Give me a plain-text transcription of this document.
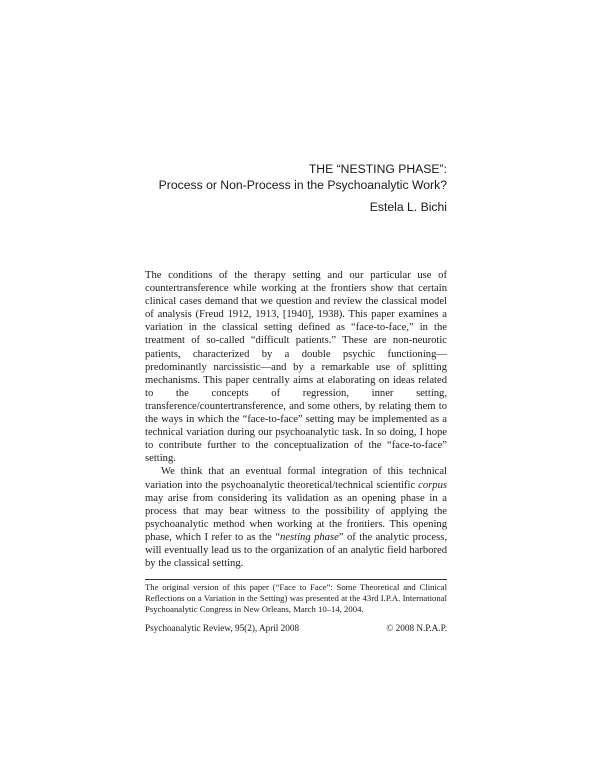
THE “NESTING PHASE”:
Process or Non-Process in the Psychoanalytic Work?
Estela L. Bichi

The conditions of the therapy setting and our particular use of countertransference while working at the frontiers show that certain clinical cases demand that we question and review the classical model of analysis (Freud 1912, 1913, [1940], 1938). This paper examines a variation in the classical setting defined as “face-to-face,” in the treatment of so-called “difficult patients.” These are non-neurotic patients, characterized by a double psychic functioning—predominantly narcissistic—and by a remarkable use of splitting mechanisms. This paper centrally aims at elaborating on ideas related to the concepts of regression, inner setting, transference/countertransference, and some others, by relating them to the ways in which the “face-to-face” setting may be implemented as a technical variation during our psychoanalytic task. In so doing, I hope to contribute further to the conceptualization of the “face-to-face” setting.

We think that an eventual formal integration of this technical variation into the psychoanalytic theoretical/technical scientific corpus may arise from considering its validation as an opening phase in a process that may bear witness to the possibility of applying the psychoanalytic method when working at the frontiers. This opening phase, which I refer to as the “nesting phase” of the analytic process, will eventually lead us to the organization of an analytic field harbored by the classical setting.

The original version of this paper (“Face to Face”: Some Theoretical and Clinical Reflections on a Variation in the Setting) was presented at the 43rd I.P.A. International Psychoanalytic Congress in New Orleans, March 10–14, 2004.

Psychoanalytic Review, 95(2), April 2008	© 2008 N.P.A.P.
